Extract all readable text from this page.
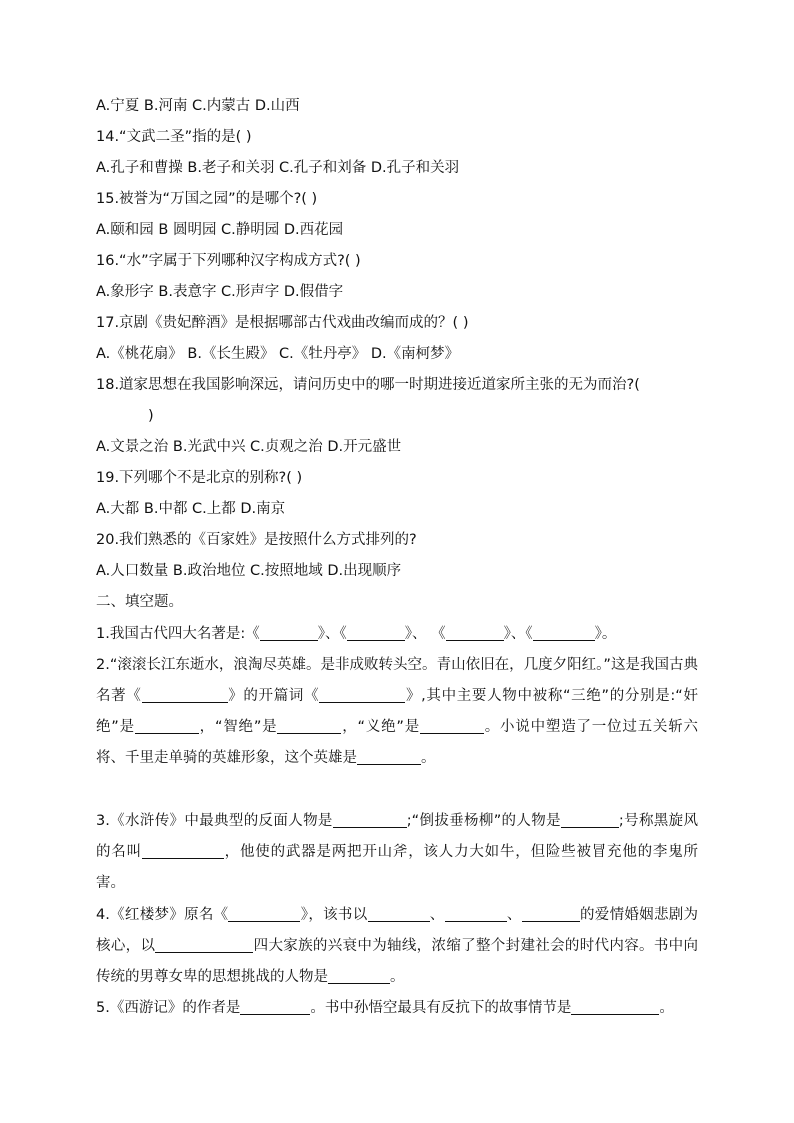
A.宁夏 B.河南 C.内蒙古 D.山西
14.“文武二圣”指的是( )
A.孔子和曹操 B.老子和关羽 C.孔子和刘备 D.孔子和关羽
15.被誉为“万国之园”的是哪个?( )
A.颐和园 B 圆明园 C.静明园 D.西花园
16.“水”字属于下列哪种汉字构成方式?( )
A.象形字 B.表意字 C.形声字 D.假借字
17.京剧《贵妃醉酒》是根据哪部古代戏曲改编而成的？( )
A.《桃花扇》 B.《长生殿》 C.《牡丹亭》 D.《南柯梦》
18.道家思想在我国影响深远，请问历史中的哪一时期进接近道家所主张的无为而治?(
)
A.文景之治 B.光武中兴 C.贞观之治 D.开元盛世
19.下列哪个不是北京的别称?( )
A.大都 B.中都 C.上都 D.南京
20.我们熟悉的《百家姓》是按照什么方式排列的?
A.人口数量 B.政治地位 C.按照地域 D.出现顺序
二、填空题。
1.我国古代四大名著是:《	》、《	》、 《	》、《	》。

2.“滚滚长江东逝水，浪淘尽英雄。是非成败转头空。青山依旧在，几度夕阳红。”这是我国古典名著《	》的开篇词《	》,其中主要人物中被称“三绝”的分别是:“奸绝”是	，“智绝”是	，“义绝”是	。小说中塑造了一位过五关斩六将、千里走单骑的英雄形象，这个英雄是	。

3.《水浒传》中最典型的反面人物是	;“倒拔垂杨柳”的人物是	;号称黑旋风的名叫	，他使的武器是两把开山斧，该人力大如牛，但险些被冒充他的李鬼所害。

4.《红楼梦》原名《	》，该书以	、	、	的爱情婚姻悲剧为核心，以	四大家族的兴衰中为轴线，浓缩了整个封建社会的时代内容。书中向传统的男尊女卑的思想挑战的人物是	。

5.《西游记》的作者是	。书中孙悟空最具有反抗下的故事情节是	。
